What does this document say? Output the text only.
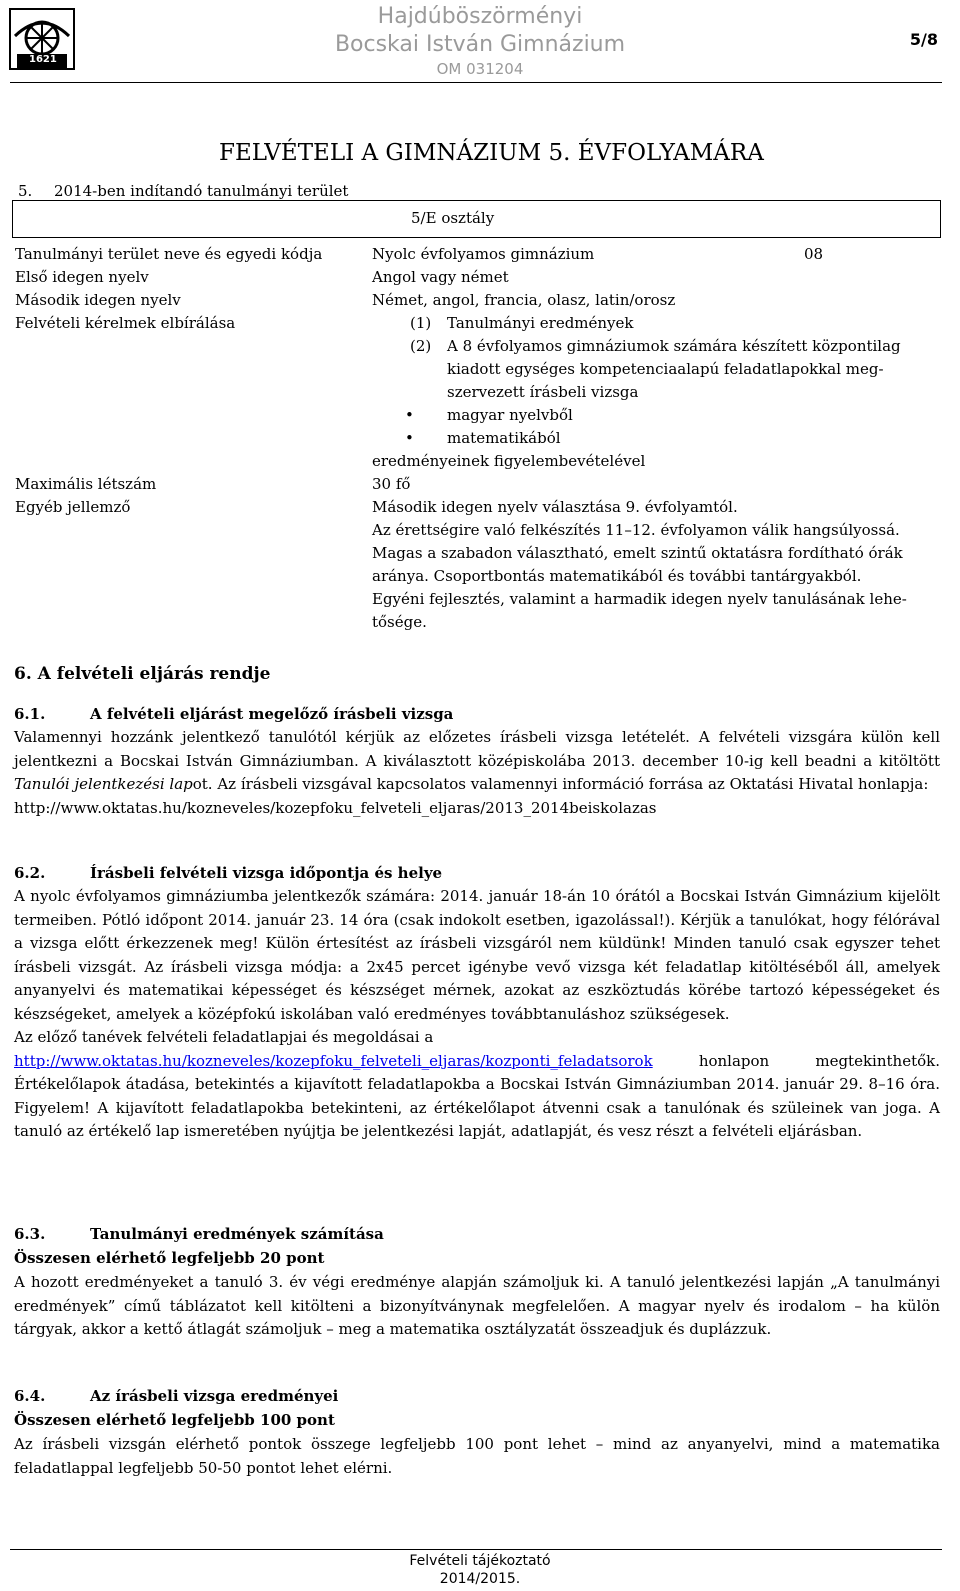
1621
Hajdúböszörményi
Bocskai István Gimnázium
OM 031204
5/8
FELVÉTELI A GIMNÁZIUM 5. ÉVFOLYAMÁRA
5. 2014-ben indítandó tanulmányi terület
5/E osztály
Tanulmányi terület neve és egyedi kódja	Nyolc évfolyamos gimnázium	08
Első idegen nyelv	Angol vagy német
Második idegen nyelv	Német, angol, francia, olasz, latin/orosz
Felvételi kérelmek elbírálása	(1) Tanulmányi eredmények
(2) A 8 évfolyamos gimnáziumok számára készített központilag
kiadott egységes kompetenciaalapú feladatlapokkal meg-
szervezett írásbeli vizsga
• magyar nyelvből
• matematikából
eredményeinek figyelembevételével
Maximális létszám	30 fő
Egyéb jellemző	Második idegen nyelv választása 9. évfolyamtól.
Az érettségire való felkészítés 11–12. évfolyamon válik hangsúlyossá.
Magas a szabadon választható, emelt szintű oktatásra fordítható órák
aránya. Csoportbontás matematikából és további tantárgyakból.
Egyéni fejlesztés, valamint a harmadik idegen nyelv tanulásának lehe-
tősége.
6. A felvételi eljárás rendje
6.1.	A felvételi eljárást megelőző írásbeli vizsga

Valamennyi hozzánk jelentkező tanulótól kérjük az előzetes írásbeli vizsga letételét. A felvételi vizsgára külön kell jelentkezni a Bocskai István Gimnáziumban. A kiválasztott középiskolába 2013. december 10-ig kell beadni a kitöltött Tanulói jelentkezési lapot. Az írásbeli vizsgával kapcsolatos valamennyi információ forrása az Oktatási Hivatal honlapja:

http://www.oktatas.hu/kozneveles/kozepfoku_felveteli_eljaras/2013_2014beiskolazas

6.2.	Írásbeli felvételi vizsga időpontja és helye

A nyolc évfolyamos gimnáziumba jelentkezők számára: 2014. január 18-án 10 órától a Bocskai István Gimnázium kijelölt termeiben. Pótló időpont 2014. január 23. 14 óra (csak indokolt esetben, igazolással!). Kérjük a tanulókat, hogy félórával a vizsga előtt érkezzenek meg! Külön értesítést az írásbeli vizsgáról nem küldünk! Minden tanuló csak egyszer tehet írásbeli vizsgát. Az írásbeli vizsga módja: a 2x45 percet igénybe vevő vizsga két feladatlap kitöltéséből áll, amelyek anyanyelvi és matematikai képességet és készséget mérnek, azokat az eszköztudás körébe tartozó képességeket és készségeket, amelyek a középfokú iskolában való eredményes továbbtanuláshoz szükségesek.

Az előző tanévek felvételi feladatlapjai és megoldásai a

http://www.oktatas.hu/kozneveles/kozepfoku_felveteli_eljaras/kozponti_feladatsorok honlapon megtekinthetők. Értékelőlapok átadása, betekintés a kijavított feladatlapokba a Bocskai István Gimnáziumban 2014. január 29. 8–16 óra. Figyelem! A kijavított feladatlapokba betekinteni, az értékelőlapot átvenni csak a tanulónak és szüleinek van joga. A tanuló az értékelő lap ismeretében nyújtja be jelentkezési lapját, adatlapját, és vesz részt a felvételi eljárásban.

6.3.	Tanulmányi eredmények számítása
Összesen elérhető legfeljebb 20 pont

A hozott eredményeket a tanuló 3. év végi eredménye alapján számoljuk ki. A tanuló jelentkezési lapján „A tanulmányi eredmények” című táblázatot kell kitölteni a bizonyítványnak megfelelően. A magyar nyelv és irodalom – ha külön tárgyak, akkor a kettő átlagát számoljuk – meg a matematika osztályzatát összeadjuk és duplázzuk.

6.4.	Az írásbeli vizsga eredményei
Összesen elérhető legfeljebb 100 pont

Az írásbeli vizsgán elérhető pontok összege legfeljebb 100 pont lehet – mind az anyanyelvi, mind a matematika feladatlappal legfeljebb 50-50 pontot lehet elérni.

Felvételi tájékoztató
2014/2015.
